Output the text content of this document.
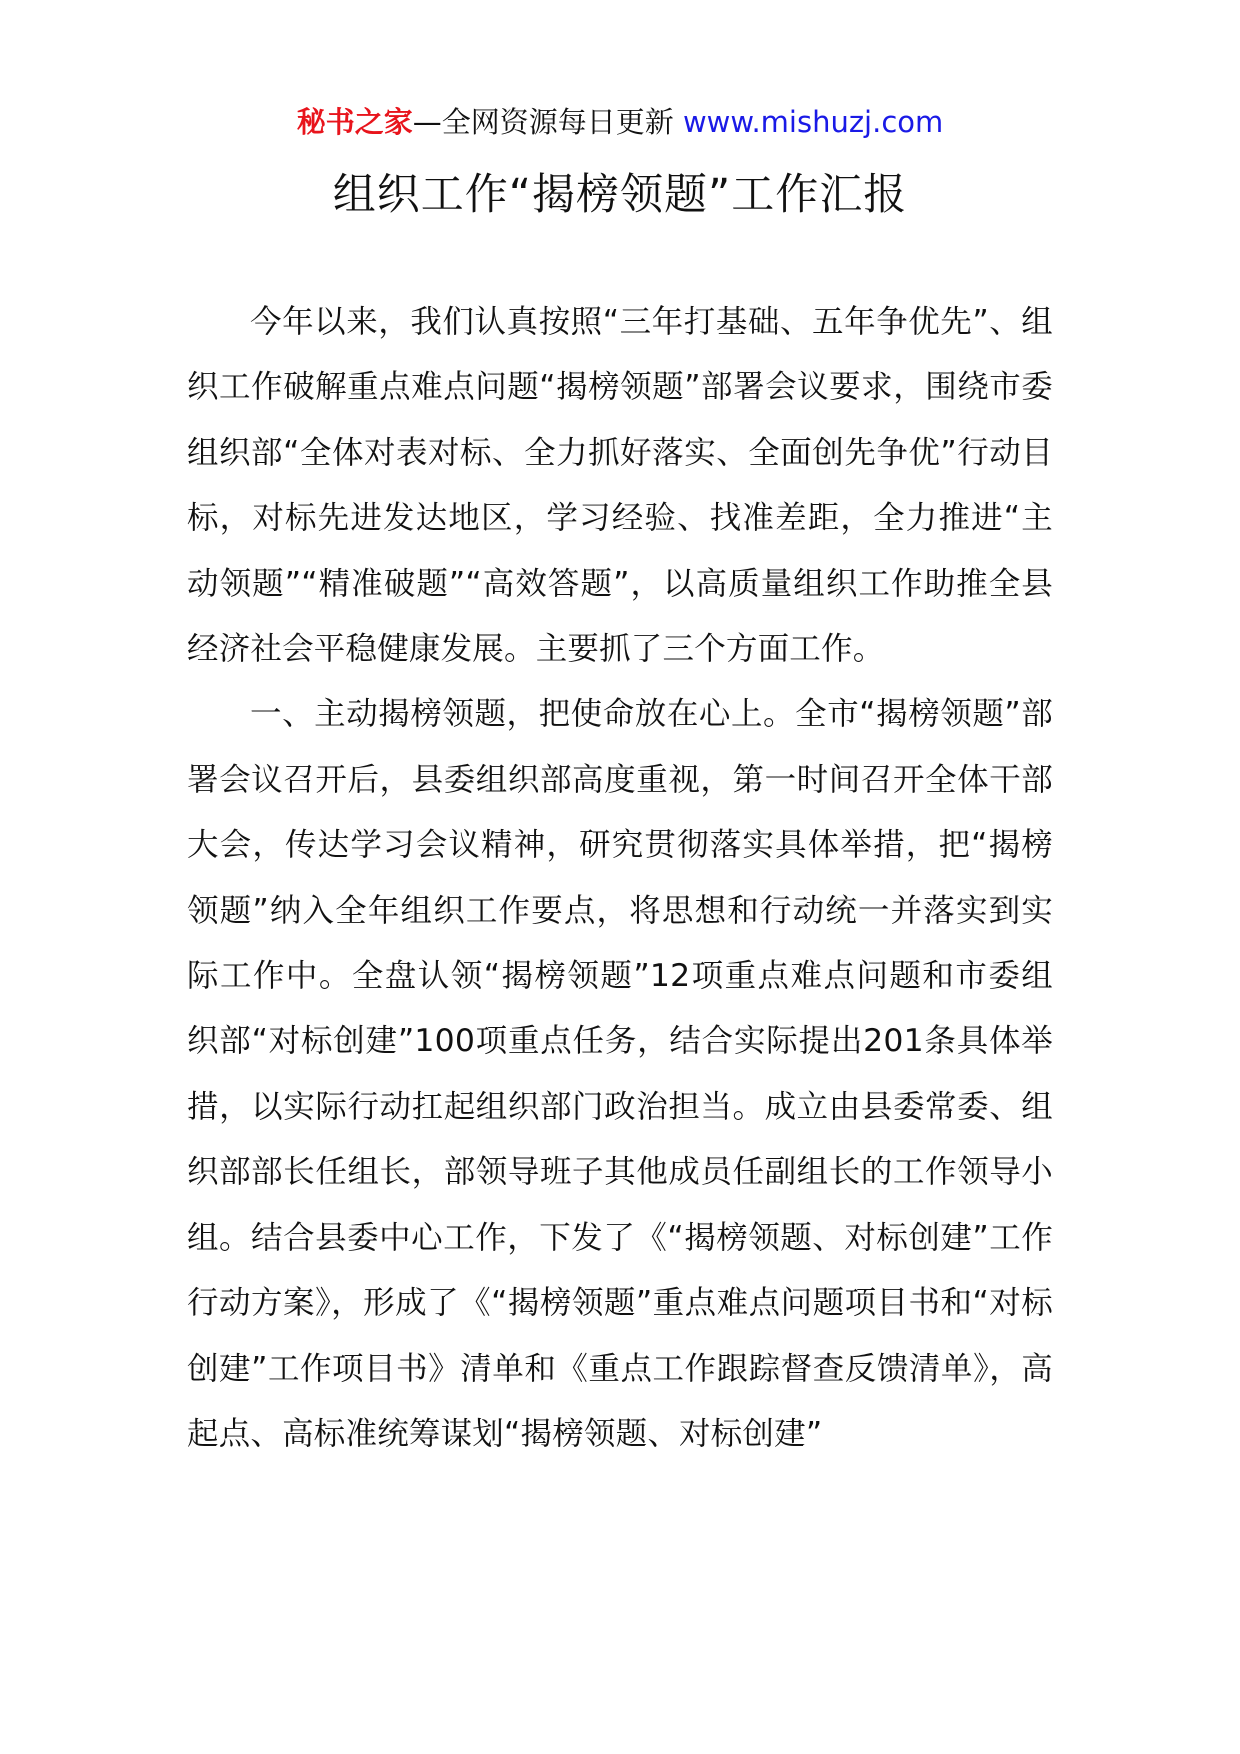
秘书之家—全网资源每日更新 www.mishuzj.com
组织工作“揭榜领题”工作汇报

今年以来，我们认真按照“三年打基础、五年争优先”、组织工作破解重点难点问题“揭榜领题”部署会议要求，围绕市委组织部“全体对表对标、全力抓好落实、全面创先争优”行动目标，对标先进发达地区，学习经验、找准差距，全力推进“主动领题”“精准破题”“高效答题”，以高质量组织工作助推全县经济社会平稳健康发展。主要抓了三个方面工作。

一、主动揭榜领题，把使命放在心上。全市“揭榜领题”部署会议召开后，县委组织部高度重视，第一时间召开全体干部大会，传达学习会议精神，研究贯彻落实具体举措，把“揭榜领题”纳入全年组织工作要点，将思想和行动统一并落实到实际工作中。全盘认领“揭榜领题”12项重点难点问题和市委组织部“对标创建”100项重点任务，结合实际提出201条具体举措，以实际行动扛起组织部门政治担当。成立由县委常委、组织部部长任组长，部领导班子其他成员任副组长的工作领导小组。结合县委中心工作，下发了《“揭榜领题、对标创建”工作行动方案》，形成了《“揭榜领题”重点难点问题项目书和“对标创建”工作项目书》清单和《重点工作跟踪督查反馈清单》，高起点、高标准统筹谋划“揭榜领题、对标创建”
